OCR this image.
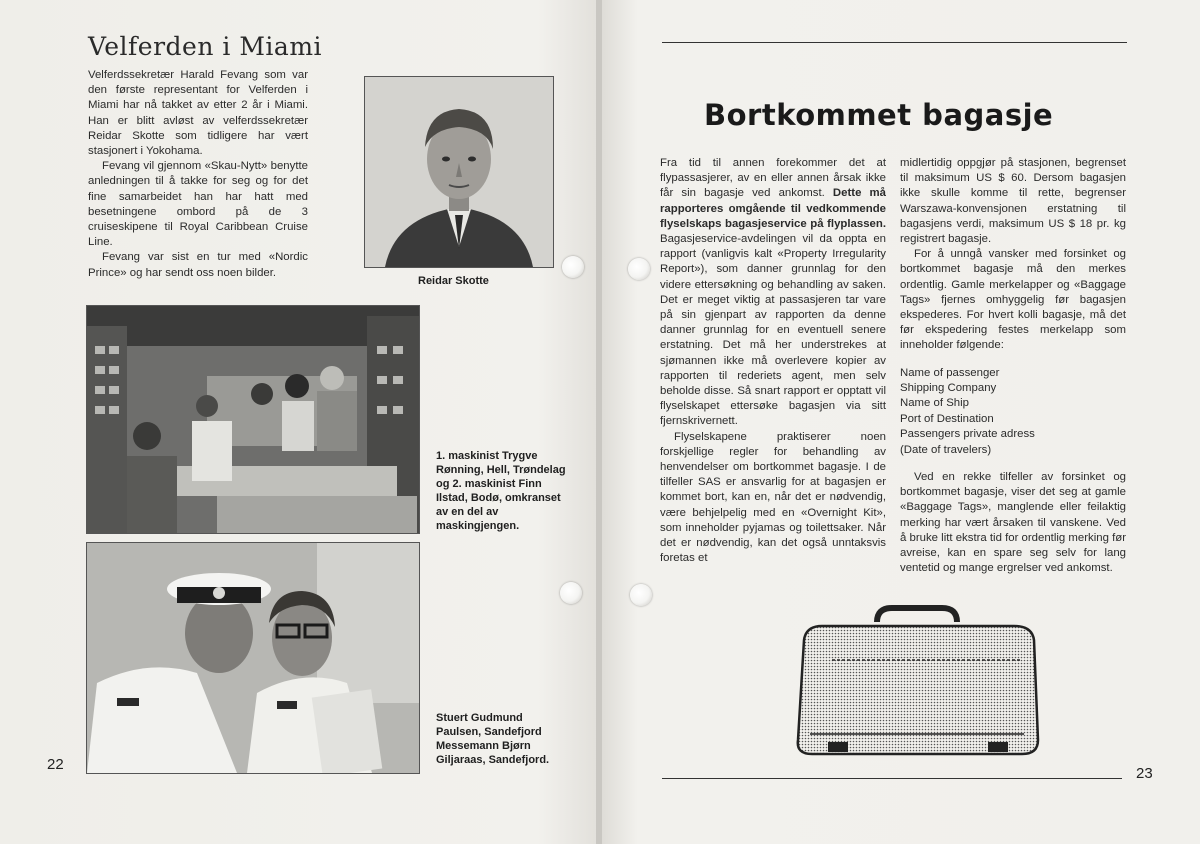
Velferden i Miami

Velferdssekretær Harald Fevang som var den første representant for Velferden i Miami har nå takket av etter 2 år i Miami. Han er blitt avløst av velferdssekretær Reidar Skotte som tidligere har vært stasjonert i Yokohama.

Fevang vil gjennom «Skau-Nytt» benytte anledningen til å takke for seg og for det fine samarbeidet han har hatt med besetningene ombord på de 3 cruiseskipene til Royal Caribbean Cruise Line.

Fevang var sist en tur med «Nordic Prince» og har sendt oss noen bilder.

Reidar Skotte
1. maskinist Trygve Rønning, Hell, Trøndelag og 2. maskinist Finn Ilstad, Bodø, omkranset av en del av maskingjengen.
Stuert Gudmund Paulsen, Sandefjord Messemann Bjørn Giljaraas, Sandefjord.
22
Bortkommet bagasje

Fra tid til annen forekommer det at flypassasjerer, av en eller annen årsak ikke får sin bagasje ved ankomst. Dette må rapporteres omgående til vedkommende flyselskaps bagasjeservice på flyplassen. Bagasjeservice-avdelingen vil da oppta en rapport (vanligvis kalt «Property Irregularity Report»), som danner grunnlag for den videre ettersøkning og behandling av saken. Det er meget viktig at passasjeren tar vare på sin gjenpart av rapporten da denne danner grunnlag for en eventuell senere erstatning. Det må her understrekes at sjømannen ikke må overlevere kopier av rapporten til rederiets agent, men selv beholde disse. Så snart rapport er opptatt vil flyselskapet ettersøke bagasjen via sitt fjernskrivernett.

Flyselskapene praktiserer noen forskjellige regler for behandling av henvendelser om bortkommet bagasje. I de tilfeller SAS er ansvarlig for at bagasjen er kommet bort, kan en, når det er nødvendig, være behjelpelig med en «Overnight Kit», som inneholder pyjamas og toilettsaker. Når det er nødvendig, kan det også unntaksvis foretas et

midlertidig oppgjør på stasjonen, begrenset til maksimum US $ 60. Dersom bagasjen ikke skulle komme til rette, begrenser Warszawa-konvensjonen erstatning til bagasjens verdi, maksimum US $ 18 pr. kg registrert bagasje.

For å unngå vansker med forsinket og bortkommet bagasje må den merkes ordentlig. Gamle merkelapper og «Baggage Tags» fjernes omhyggelig før bagasjen ekspederes. For hvert kolli bagasje, må det før ekspedering festes merkelapp som inneholder følgende:

Name of passenger
Shipping Company
Name of Ship
Port of Destination
Passengers private adress
(Date of travelers)

Ved en rekke tilfeller av forsinket og bortkommet bagasje, viser det seg at gamle «Baggage Tags», manglende eller feilaktig merking har vært årsaken til vanskene. Ved å bruke litt ekstra tid for ordentlig merking før avreise, kan en spare seg selv for lang ventetid og mange ergrelser ved ankomst.

23
